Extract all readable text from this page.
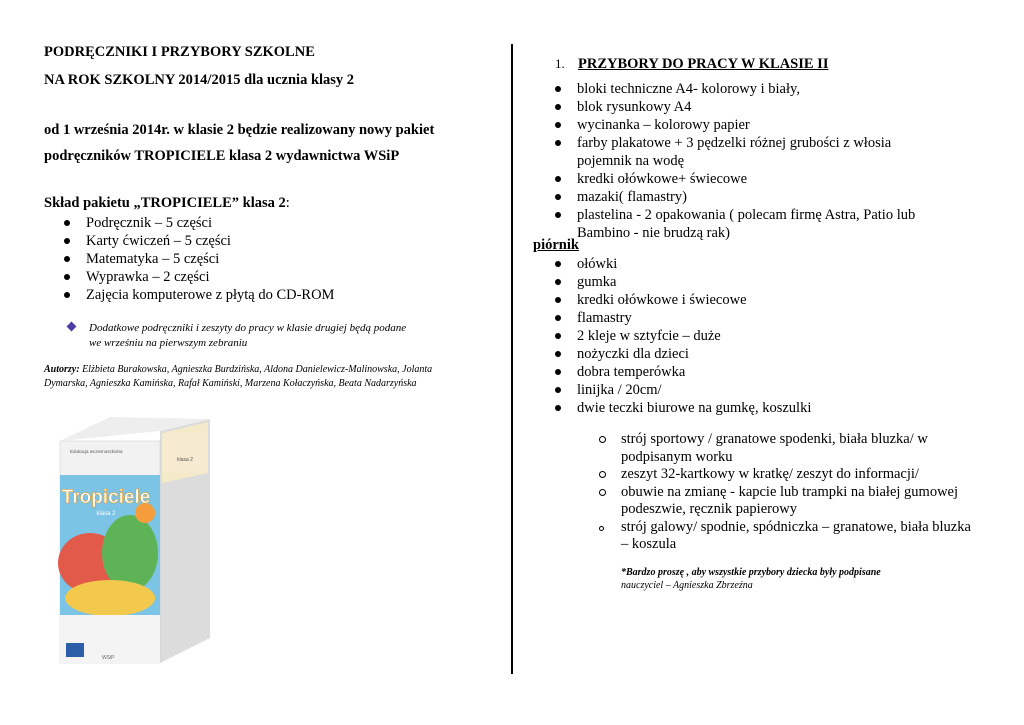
PODRĘCZNIKI I PRZYBORY SZKOLNE
NA ROK SZKOLNY 2014/2015 dla ucznia klasy 2
od 1 września 2014r. w klasie 2 będzie realizowany nowy pakiet
podręczników TROPICIELE klasa 2 wydawnictwa WSiP
Skład pakietu „TROPICIELE” klasa 2:
Podręcznik – 5 części
Karty ćwiczeń – 5 części
Matematyka – 5 części
Wyprawka – 2 części
Zajęcia komputerowe z płytą do CD-ROM
Dodatkowe podręczniki i zeszyty do pracy w klasie drugiej będą podane
we wrześniu na pierwszym zebraniu
Autorzy: Elżbieta Burakowska, Agnieszka Burdzińska, Aldona Danielewicz-Malinowska, Jolanta
Dymarska, Agnieszka Kamińska, Rafał Kamiński, Marzena Kołaczyńska, Beata Nadarzyńska
WSiP
Tropiciele
klasa 2
Edukacja wczesnoszkolna
klasa 2
1. PRZYBORY DO PRACY W KLASIE II
bloki techniczne A4- kolorowy i biały,
blok rysunkowy A4
wycinanka – kolorowy papier
farby plakatowe + 3 pędzelki różnej grubości z włosia
pojemnik na wodę
kredki ołówkowe+ świecowe
mazaki( flamastry)
plastelina - 2 opakowania ( polecam firmę Astra, Patio lub
Bambino - nie brudzą rak)
piórnik
ołówki
gumka
kredki ołówkowe i świecowe
flamastry
2 kleje w sztyfcie – duże
nożyczki dla dzieci
dobra temperówka
linijka / 20cm/
dwie teczki biurowe na gumkę, koszulki
strój sportowy / granatowe spodenki, biała bluzka/ w
podpisanym worku
zeszyt 32-kartkowy w kratkę/ zeszyt do informacji/
obuwie na zmianę - kapcie lub trampki na białej gumowej
podeszwie, ręcznik papierowy
strój galowy/ spodnie, spódniczka – granatowe, biała bluzka
– koszula
*Bardzo proszę , aby wszystkie przybory dziecka były podpisane
nauczyciel – Agnieszka Zbrzeźna
